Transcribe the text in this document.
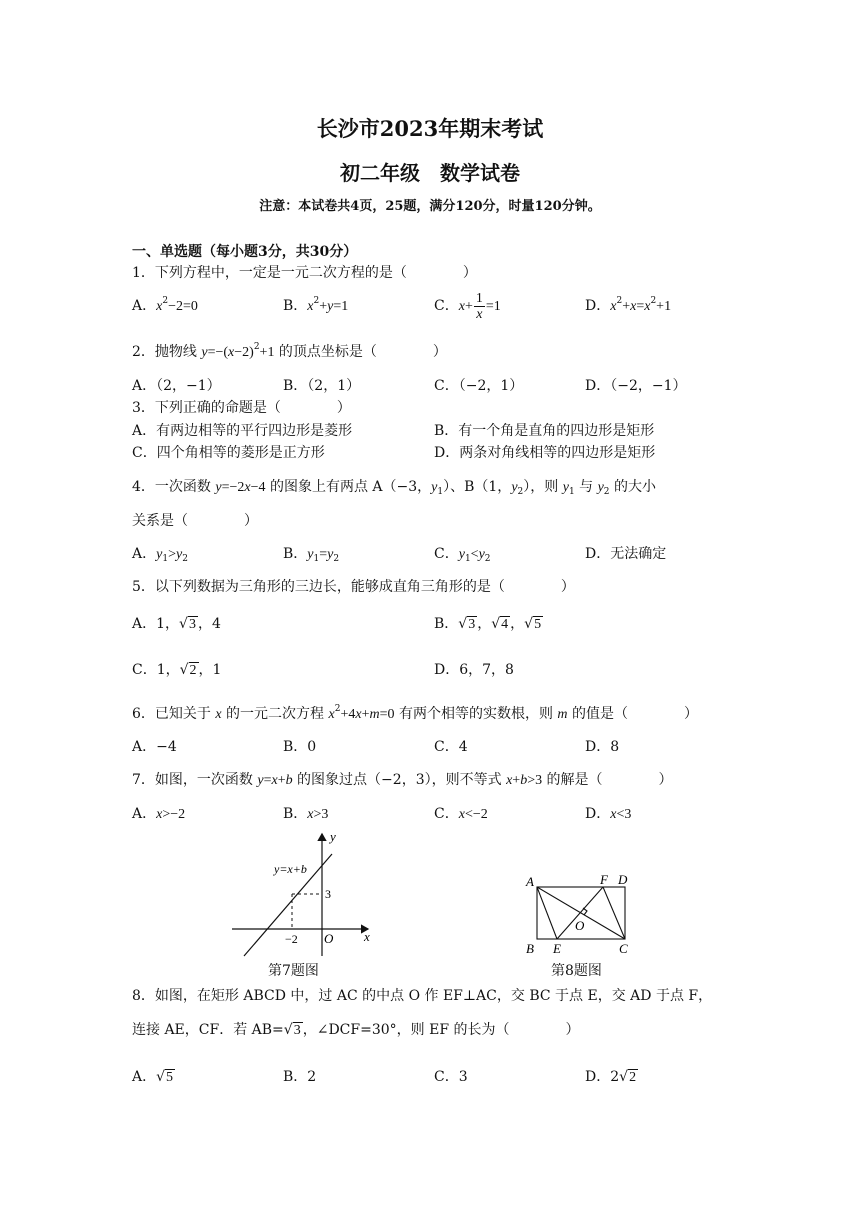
长沙市2023年期末考试
初二年级　数学试卷
注意：本试卷共4页，25题，满分120分，时量120分钟。
一、单选题（每小题3分，共30分）
1．下列方程中，一定是一元二次方程的是（　　　　）
A．$x^2-2=0$	B．$x^2+y=1$	C．$x+ \frac{1}{x} =1$	D．$x^2+x=x^2+1$
2．抛物线 $y=-(x-2)^2+1$ 的顶点坐标是（　　　　）
A．（2，−1）	B．（2，1）	C．（−2，1）	D．（−2，−1）
3．下列正确的命题是（　　　　）
A．有两边相等的平行四边形是菱形	B．有一个角是直角的四边形是矩形
C．四个角相等的菱形是正方形	D．两条对角线相等的四边形是矩形
4．一次函数 y=−2x−4 的图象上有两点 A（−3，$y_1$）、B（1，$y_2$），则 $y_1$ 与 $y_2$ 的大小
关系是（　　　　）
A．$y_1>y_2$	B．$y_1=y_2$	C．$y_1<y_2$	D．无法确定
5．以下列数据为三角形的三边长，能够成直角三角形的是（　　　　）
A．1，√3 ，4	B．√3 ，√4 ，√5
C．1，√2 ，1	D．6，7，8
6．已知关于 x 的一元二次方程 $x^2+4x+m=0$ 有两个相等的实数根，则 m 的值是（　　　　）
A．−4	B．0	C．4	D．8
7．如图，一次函数 y=x+b 的图象过点（−2，3），则不等式 x+b>3 的解是（　　　　）
A．x>−2	B．x>3	C．x<−2	D．x<3
y
x
y=x+b
3
−2 O
第7题图
A	F D
B E	C
O
第8题图
8．如图，在矩形 ABCD 中，过 AC 的中点 O 作 EF⊥AC，交 BC 于点 E，交 AD 于点 F，
连接 AE，CF．若 AB=√3 ，∠DCF=30°，则 EF 的长为（　　　　）
A．√5	B．2	C．3	D．2√2
